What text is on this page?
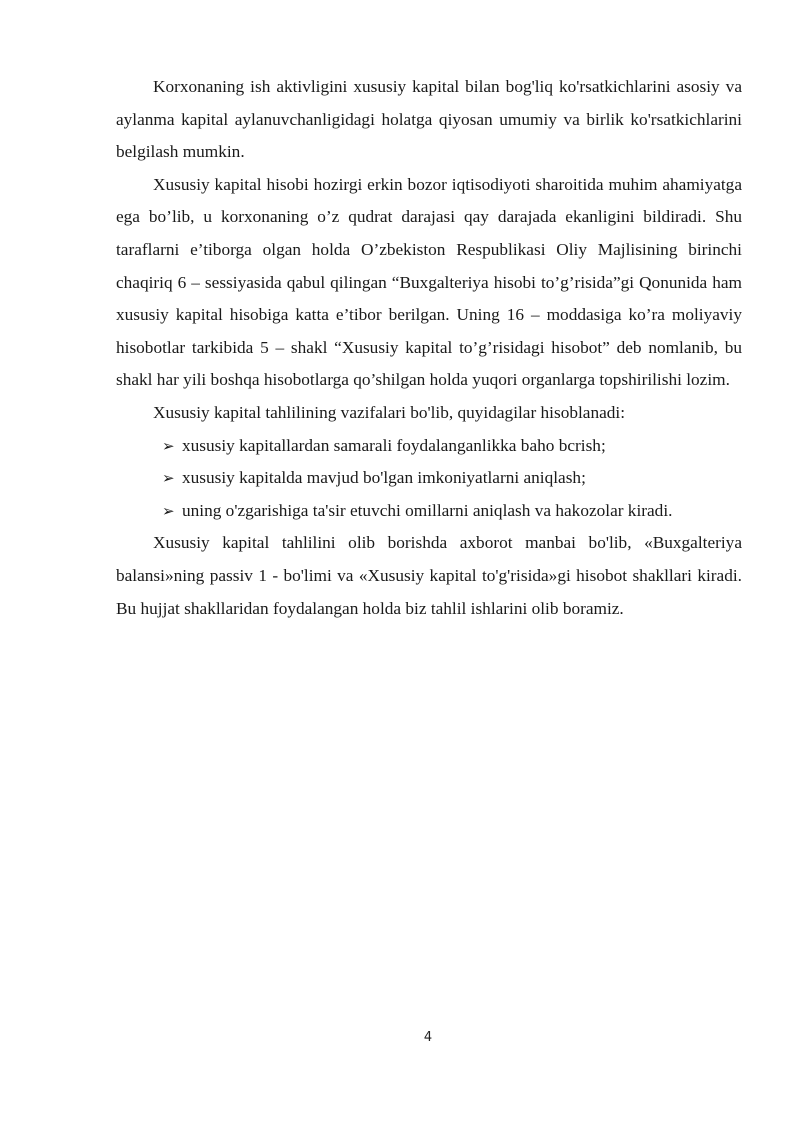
Korxonaning ish aktivligini xususiy kapital bilan bog'liq ko'rsatkichlarini asosiy va aylanma kapital aylanuvchanligidagi holatga qiyosan umumiy va birlik ko'rsatkichlarini belgilash mumkin.

Xususiy kapital hisobi hozirgi erkin bozor iqtisodiyoti sharoitida muhim ahamiyatga ega bo’lib, u korxonaning o’z qudrat darajasi qay darajada ekanligini bildiradi. Shu taraflarni e’tiborga olgan holda O’zbekiston Respublikasi Oliy Majlisining birinchi chaqiriq 6 – sessiyasida qabul qilingan “Buxgalteriya hisobi to’g’risida”gi Qonunida ham xususiy kapital hisobiga katta e’tibor berilgan. Uning 16 – moddasiga ko’ra moliyaviy hisobotlar tarkibida 5 – shakl “Xususiy kapital to’g’risidagi hisobot” deb nomlanib, bu shakl har yili boshqa hisobotlarga qo’shilgan holda yuqori organlarga topshirilishi lozim.

Xususiy kapital tahlilining vazifalari bo'lib, quyidagilar hisoblanadi:

➢ xususiy kapitallardan samarali foydalanganlikka baho bcrish;
➢ xususiy kapitalda mavjud bo'lgan imkoniyatlarni aniqlash;
➢ uning o'zgarishiga ta'sir etuvchi omillarni aniqlash va hakozolar kiradi.

Xususiy kapital tahlilini olib borishda axborot manbai bo'lib, «Buxgalteriya balansi»ning passiv 1 - bo'limi va «Xususiy kapital to'g'risida»gi hisobot shakllari kiradi. Bu hujjat shakllaridan foydalangan holda biz tahlil ishlarini olib boramiz.

4
